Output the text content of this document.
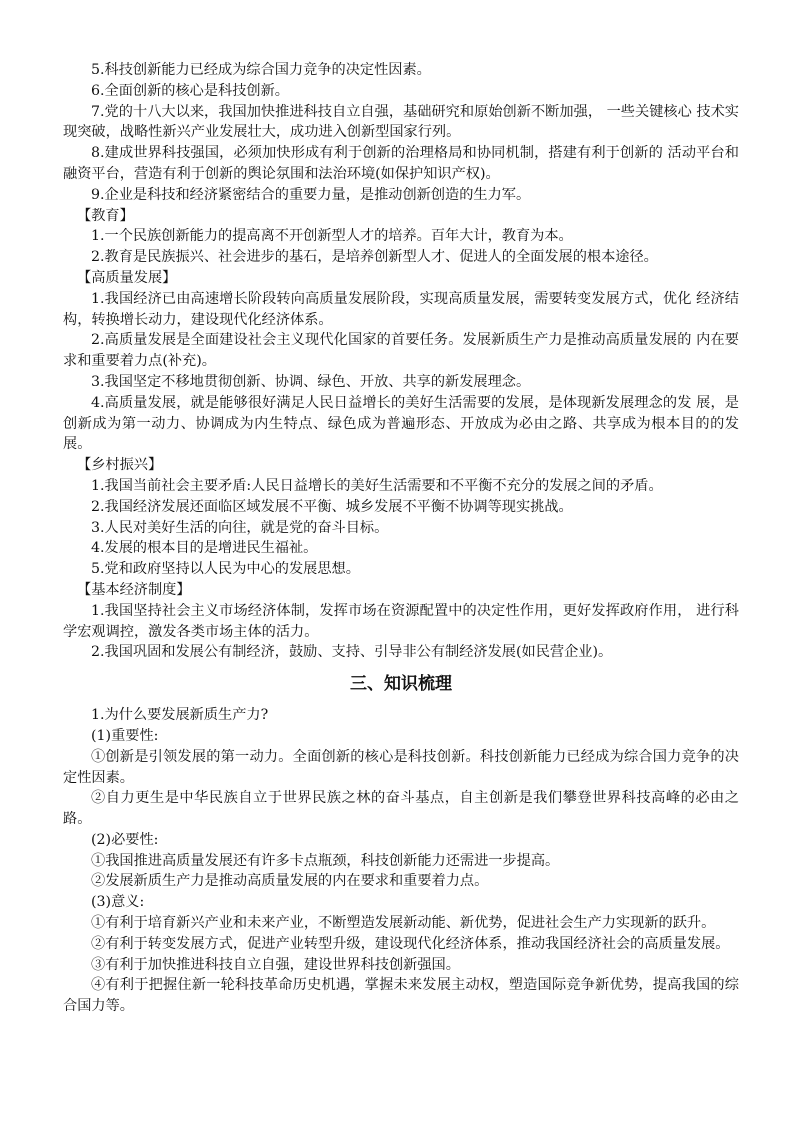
5.科技创新能力已经成为综合国力竞争的决定性因素。

6.全面创新的核心是科技创新。

7.党的十八大以来，我国加快推进科技自立自强，基础研究和原始创新不断加强， 一些关键核心 技术实现突破，战略性新兴产业发展壮大，成功进入创新型国家行列。

8.建成世界科技强国，必须加快形成有利于创新的治理格局和协同机制，搭建有利于创新的 活动平台和融资平台，营造有利于创新的舆论氛围和法治环境(如保护知识产权)。

9.企业是科技和经济紧密结合的重要力量，是推动创新创造的生力军。

【教育】

1.一个民族创新能力的提高离不开创新型人才的培养。百年大计，教育为本。

2.教育是民族振兴、社会进步的基石，是培养创新型人才、促进人的全面发展的根本途径。

【高质量发展】

1.我国经济已由高速增长阶段转向高质量发展阶段，实现高质量发展，需要转变发展方式，优化 经济结构，转换增长动力，建设现代化经济体系。

2.高质量发展是全面建设社会主义现代化国家的首要任务。发展新质生产力是推动高质量发展的 内在要求和重要着力点(补充)。

3.我国坚定不移地贯彻创新、协调、绿色、开放、共享的新发展理念。

4.高质量发展，就是能够很好满足人民日益增长的美好生活需要的发展，是体现新发展理念的发 展，是创新成为第一动力、协调成为内生特点、绿色成为普遍形态、开放成为必由之路、共享成为根本目的的发展。

【乡村振兴】

1.我国当前社会主要矛盾:人民日益增长的美好生活需要和不平衡不充分的发展之间的矛盾。

2.我国经济发展还面临区域发展不平衡、城乡发展不平衡不协调等现实挑战。

3.人民对美好生活的向往，就是党的奋斗目标。

4.发展的根本目的是增进民生福祉。

5.党和政府坚持以人民为中心的发展思想。

【基本经济制度】

1.我国坚持社会主义市场经济体制，发挥市场在资源配置中的决定性作用，更好发挥政府作用， 进行科学宏观调控，激发各类市场主体的活力。

2.我国巩固和发展公有制经济，鼓励、支持、引导非公有制经济发展(如民营企业)。

三、知识梳理

1.为什么要发展新质生产力?

(1)重要性:

①创新是引领发展的第一动力。全面创新的核心是科技创新。科技创新能力已经成为综合国力竞争的决定性因素。

②自力更生是中华民族自立于世界民族之林的奋斗基点，自主创新是我们攀登世界科技高峰的必由之路。

(2)必要性:

①我国推进高质量发展还有许多卡点瓶颈，科技创新能力还需进一步提高。

②发展新质生产力是推动高质量发展的内在要求和重要着力点。

(3)意义:

①有利于培育新兴产业和未来产业，不断塑造发展新动能、新优势，促进社会生产力实现新的跃升。

②有利于转变发展方式，促进产业转型升级，建设现代化经济体系，推动我国经济社会的高质量发展。

③有利于加快推进科技自立自强，建设世界科技创新强国。

④有利于把握住新一轮科技革命历史机遇，掌握未来发展主动权，塑造国际竞争新优势，提高我国的综合国力等。
